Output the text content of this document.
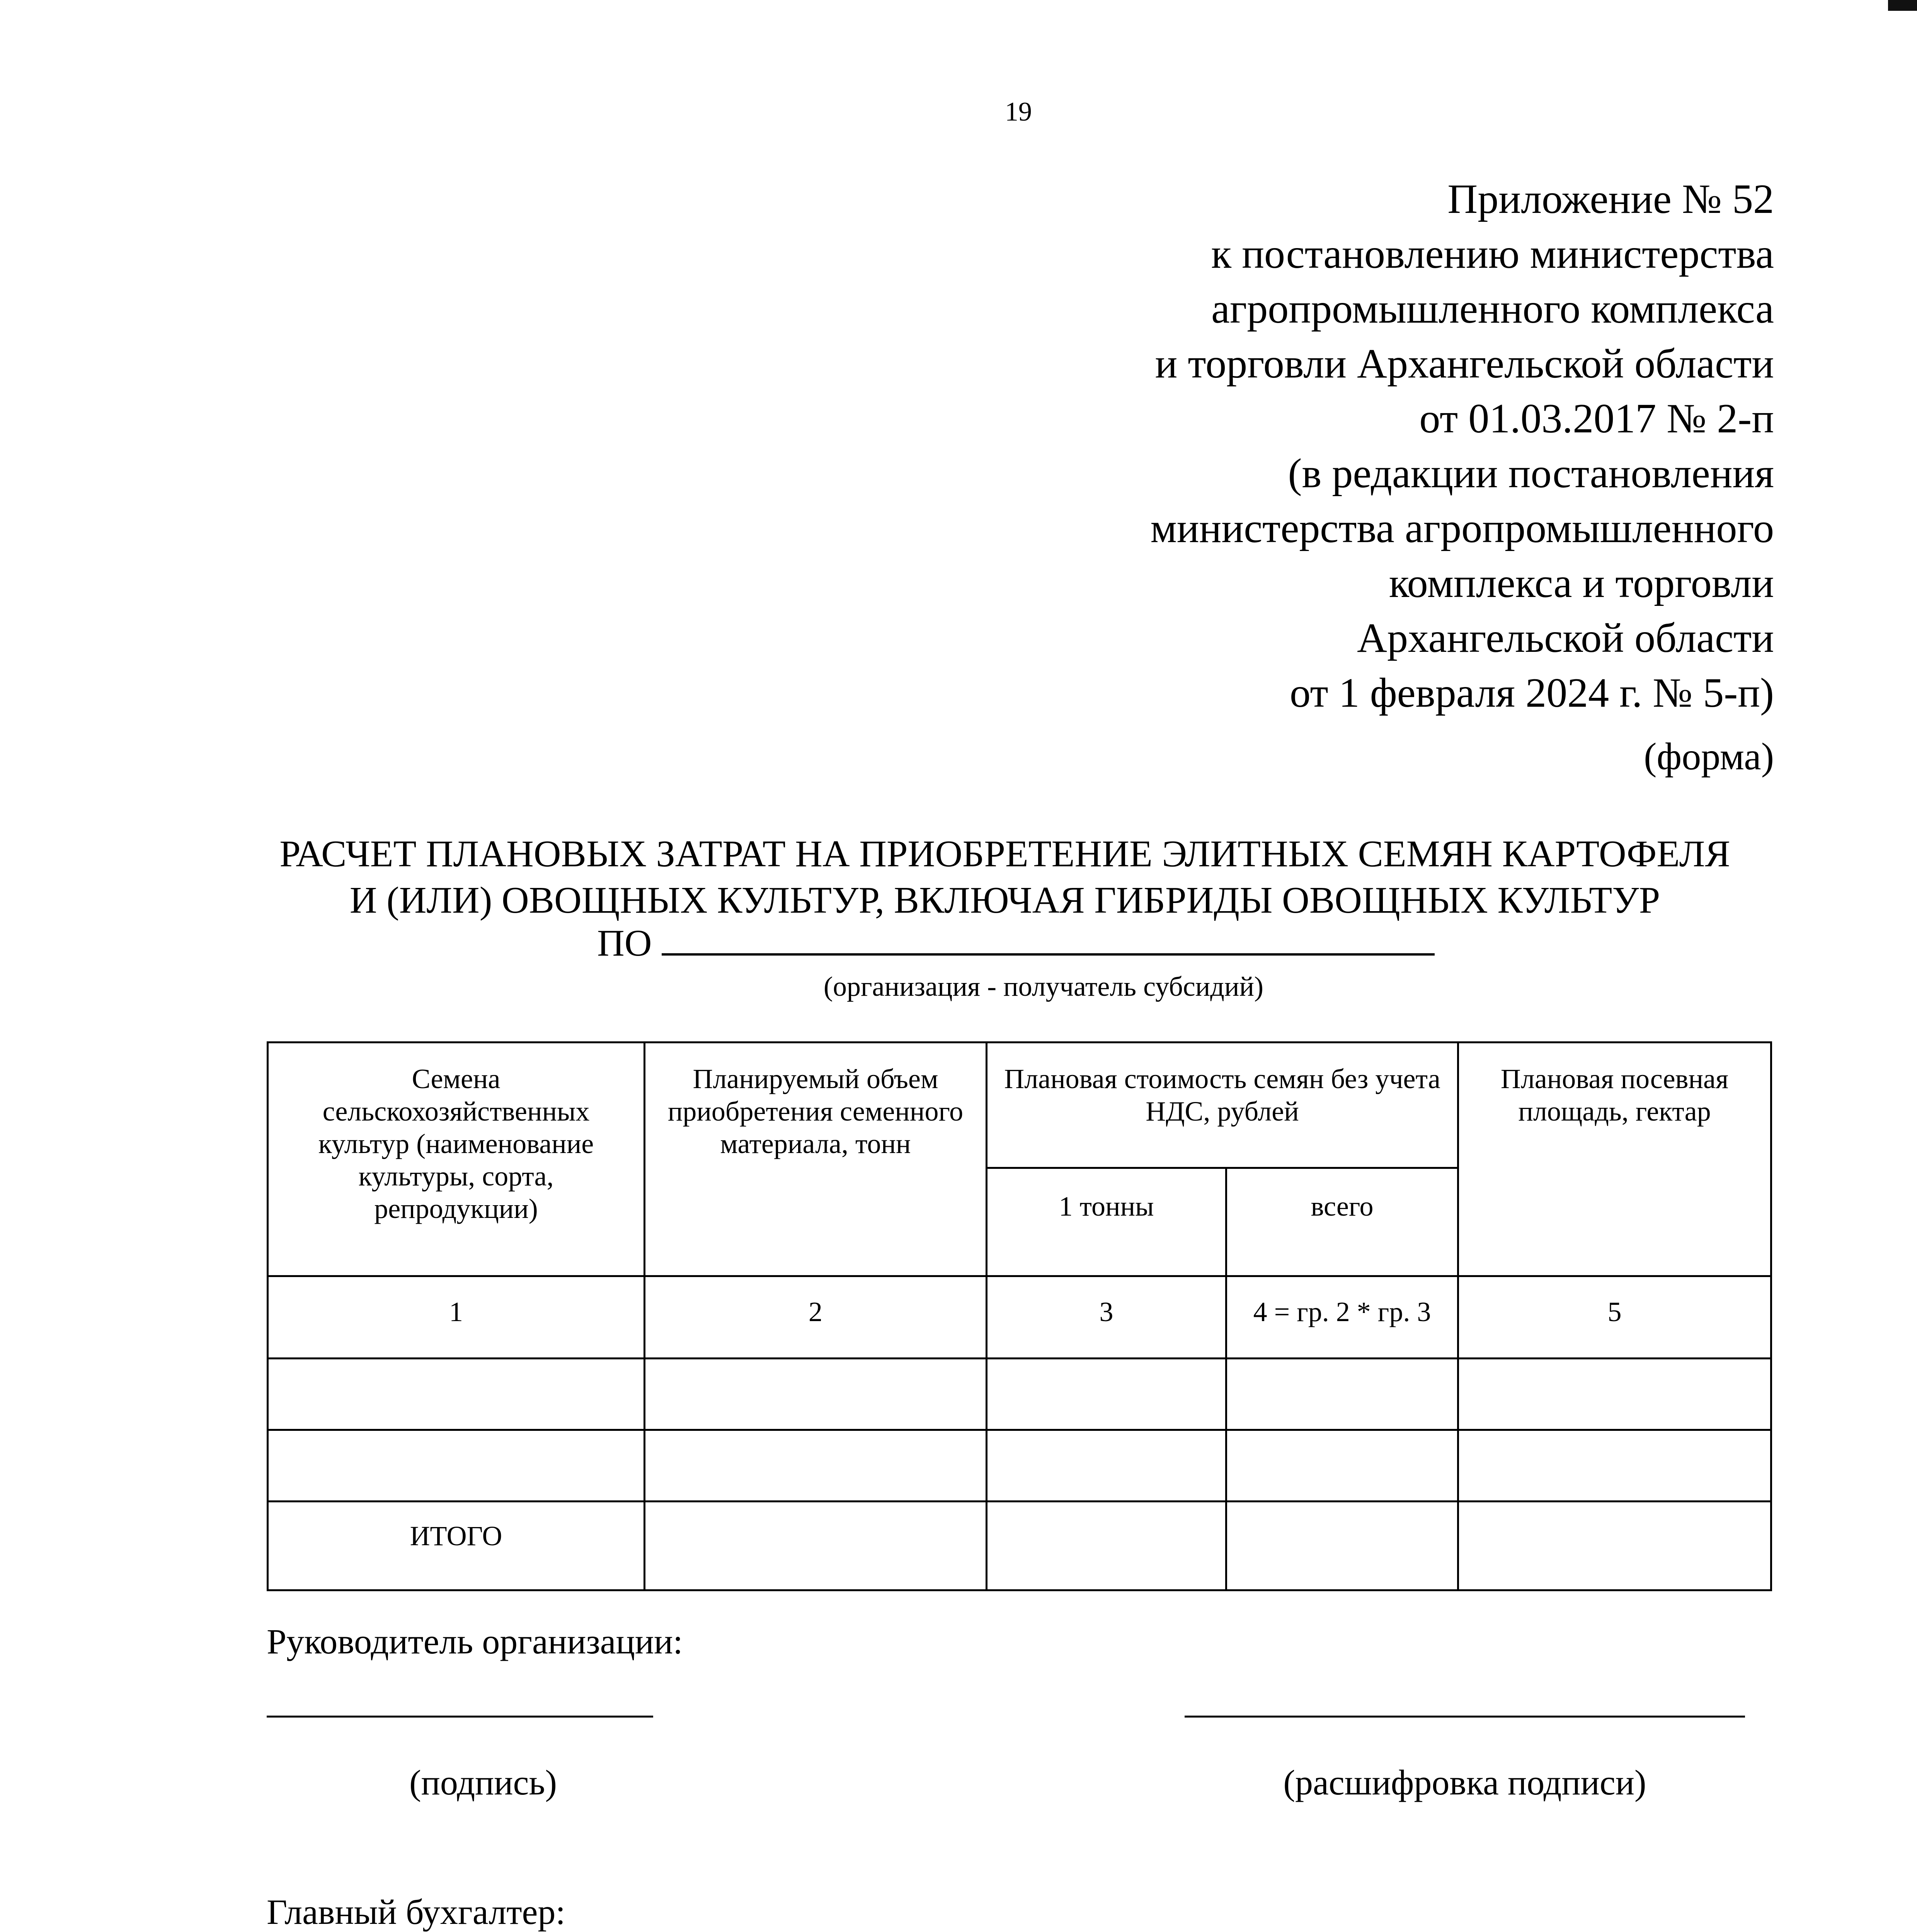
19
Приложение № 52
к постановлению министерства
агропромышленного комплекса
и торговли Архангельской области
от 01.03.2017 № 2-п
(в редакции постановления
министерства агропромышленного
комплекса и торговли
Архангельской области
от 1 февраля 2024 г. № 5-п)
(форма)
РАСЧЕТ ПЛАНОВЫХ ЗАТРАТ НА ПРИОБРЕТЕНИЕ ЭЛИТНЫХ СЕМЯН КАРТОФЕЛЯ
И (ИЛИ) ОВОЩНЫХ КУЛЬТУР, ВКЛЮЧАЯ ГИБРИДЫ ОВОЩНЫХ КУЛЬТУР
ПО
(организация - получатель субсидий)
Семена сельскохозяйственных культур (наименование культуры, сорта, репродукции)	Планируемый объем приобретения семенного материала, тонн	Плановая стоимость семян без учета НДС, рублей		Плановая посевная площадь, гектар
		1 тонны	всего	
1	2	3	4 = гр. 2 * гр. 3	5

ИТОГО				
Руководитель организации:
(подпись)	(расшифровка подписи)
Главный бухгалтер:
